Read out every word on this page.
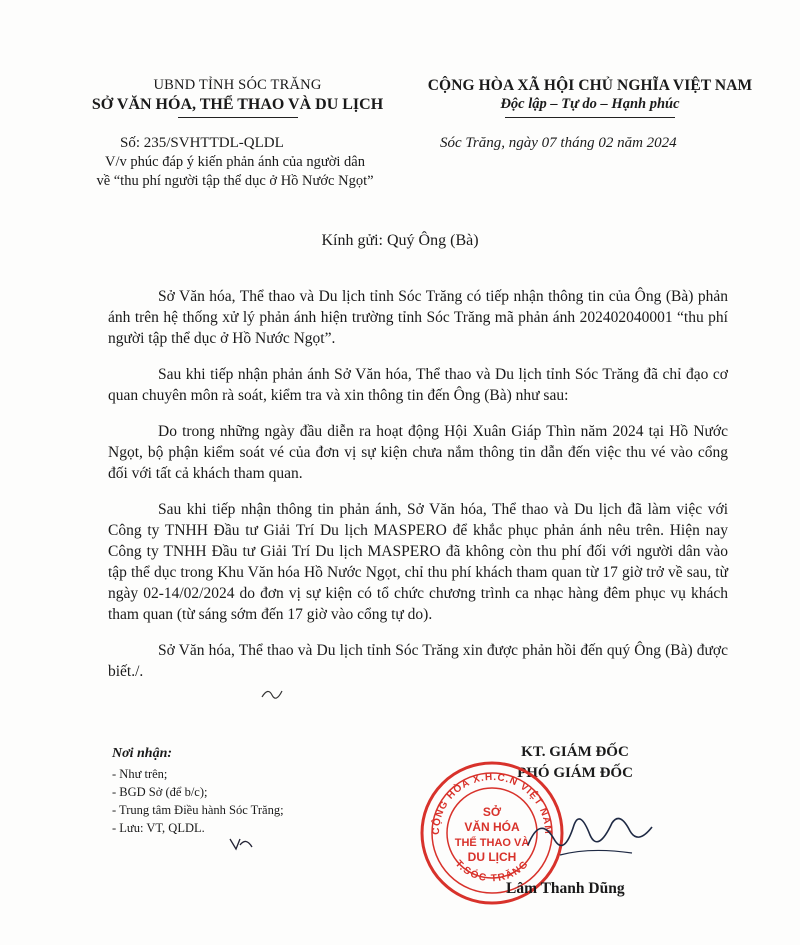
UBND TỈNH SÓC TRĂNG
SỞ VĂN HÓA, THỂ THAO VÀ DU LỊCH
CỘNG HÒA XÃ HỘI CHỦ NGHĨA VIỆT NAM
Độc lập – Tự do – Hạnh phúc
Số: 235/SVHTTDL-QLDL
V/v phúc đáp ý kiến phản ánh của người dân
về “thu phí người tập thể dục ở Hồ Nước Ngọt”
Sóc Trăng, ngày 07 tháng 02 năm 2024
Kính gửi: Quý Ông (Bà)

Sở Văn hóa, Thể thao và Du lịch tỉnh Sóc Trăng có tiếp nhận thông tin của Ông (Bà) phản ánh trên hệ thống xử lý phản ánh hiện trường tỉnh Sóc Trăng mã phản ánh 202402040001 “thu phí người tập thể dục ở Hồ Nước Ngọt”.

Sau khi tiếp nhận phản ánh Sở Văn hóa, Thể thao và Du lịch tỉnh Sóc Trăng đã chỉ đạo cơ quan chuyên môn rà soát, kiểm tra và xin thông tin đến Ông (Bà) như sau:

Do trong những ngày đầu diễn ra hoạt động Hội Xuân Giáp Thìn năm 2024 tại Hồ Nước Ngọt, bộ phận kiểm soát vé của đơn vị sự kiện chưa nắm thông tin dẫn đến việc thu vé vào cổng đối với tất cả khách tham quan.

Sau khi tiếp nhận thông tin phản ánh, Sở Văn hóa, Thể thao và Du lịch đã làm việc với Công ty TNHH Đầu tư Giải Trí Du lịch MASPERO để khắc phục phản ánh nêu trên. Hiện nay Công ty TNHH Đầu tư Giải Trí Du lịch MASPERO đã không còn thu phí đối với người dân vào tập thể dục trong Khu Văn hóa Hồ Nước Ngọt, chỉ thu phí khách tham quan từ 17 giờ trở về sau, từ ngày 02-14/02/2024 do đơn vị sự kiện có tổ chức chương trình ca nhạc hàng đêm phục vụ khách tham quan (từ sáng sớm đến 17 giờ vào cổng tự do).

Sở Văn hóa, Thể thao và Du lịch tỉnh Sóc Trăng xin được phản hồi đến quý Ông (Bà) được biết./.

Nơi nhận:
- Như trên;
- BGD Sở (để b/c);
- Trung tâm Điều hành Sóc Trăng;
- Lưu: VT, QLDL.
KT. GIÁM ĐỐC
PHÓ GIÁM ĐỐC
CỘNG HÒA X.H.C.N VIỆT NAM
T.SÓC TRĂNG
SỞ
VĂN HÓA
THỂ THAO VÀ
DU LỊCH
Lâm Thanh Dũng
